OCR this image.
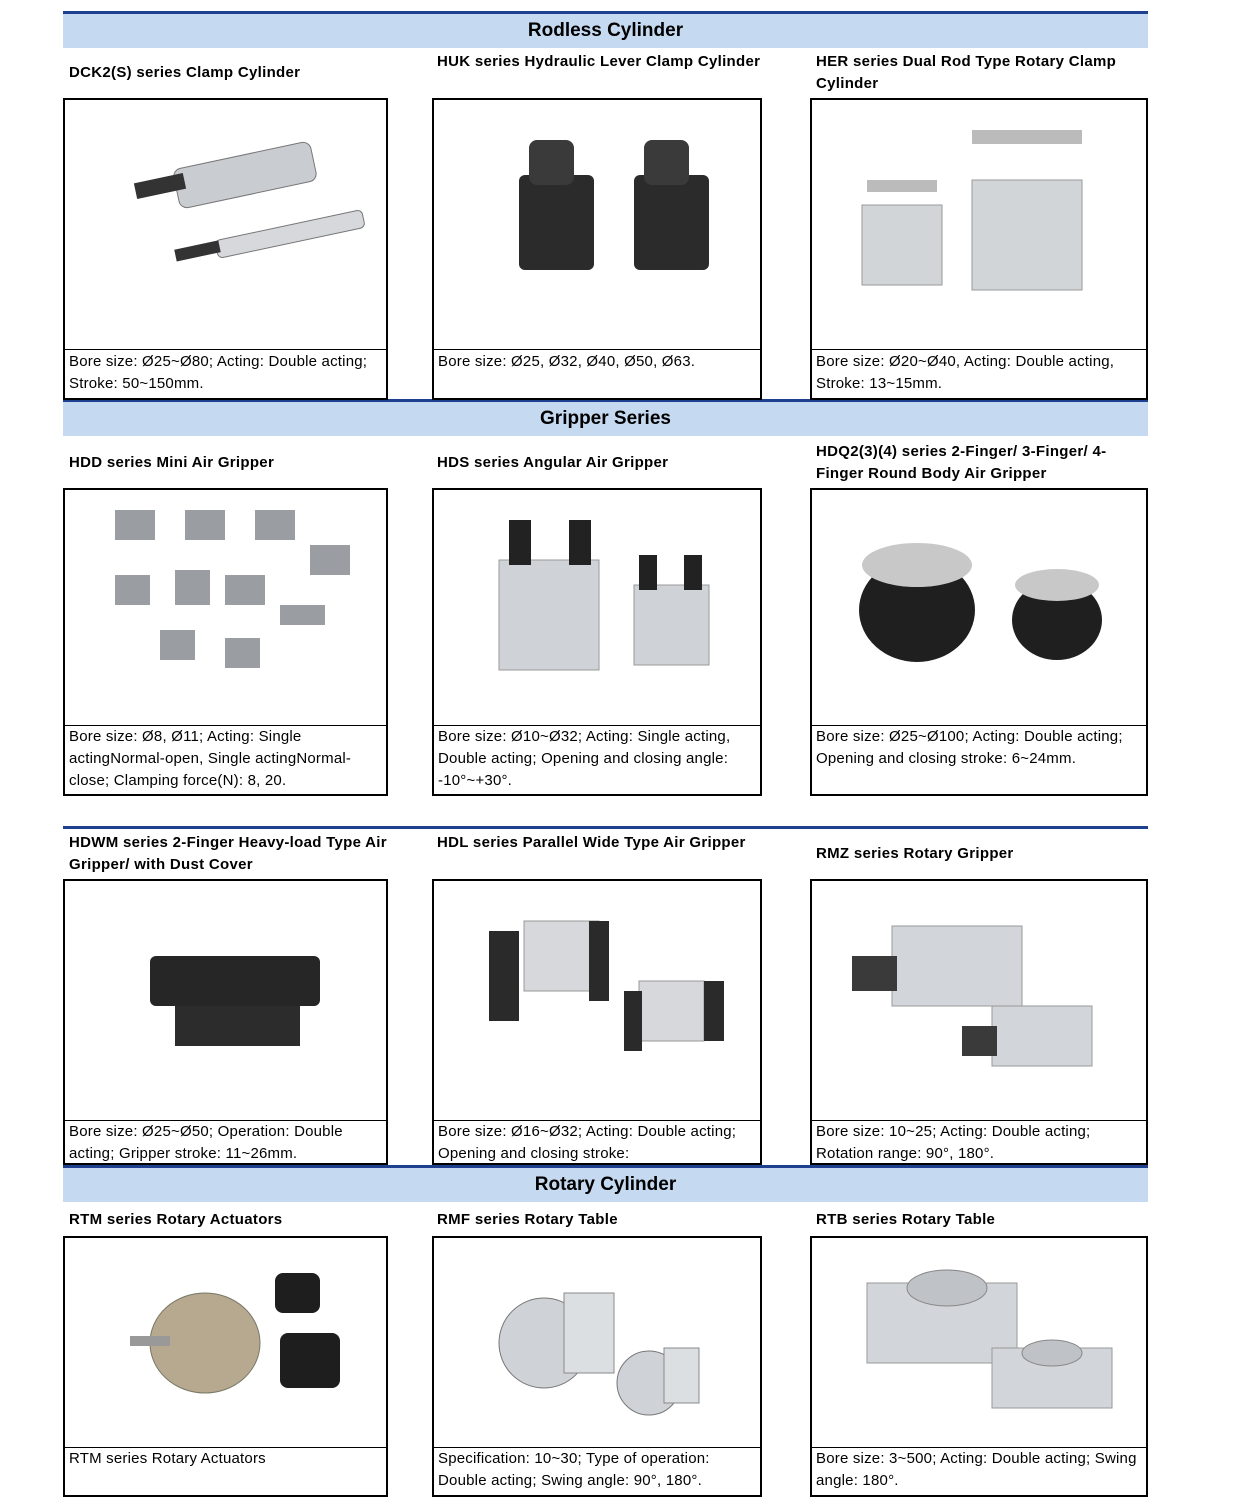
Rodless Cylinder
Gripper Series
Rotary Cylinder
DCK2(S) series Clamp Cylinder
HUK series Hydraulic Lever Clamp Cylinder	HER series Dual Rod Type Rotary Clamp Cylinder
Bore size: Ø25~Ø80; Acting: Double acting; Stroke: 50~150mm.
Bore size: Ø25, Ø32, Ø40, Ø50, Ø63.	Bore size: Ø20~Ø40, Acting: Double acting, Stroke: 13~15mm.
HDD series Mini Air Gripper	HDS series Angular Air Gripper
HDQ2(3)(4) series 2-Finger/ 3-Finger/ 4-Finger Round Body Air Gripper
Bore size: Ø8, Ø11; Acting: Single actingNormal-open, Single actingNormal-close; Clamping force(N): 8, 20.
Bore size: Ø10~Ø32; Acting: Single acting, Double acting; Opening and closing angle: -10°~+30°.
Bore size: Ø25~Ø100; Acting: Double acting; Opening and closing stroke: 6~24mm.
HDWM series 2-Finger Heavy-load Type Air Gripper/ with Dust Cover
HDL series Parallel Wide Type Air Gripper
RMZ series Rotary Gripper
Bore size: Ø25~Ø50; Operation: Double acting; Gripper stroke: 11~26mm.
Bore size: Ø16~Ø32; Acting: Double acting; Opening and closing stroke:
Bore size: 10~25; Acting: Double acting; Rotation range: 90°, 180°.
RTM series Rotary Actuators	RMF series Rotary Table	RTB series Rotary Table
RTM series Rotary Actuators	Specification: 10~30; Type of operation: Double acting; Swing angle: 90°, 180°.
Bore size: 3~500; Acting: Double acting; Swing angle: 180°.
